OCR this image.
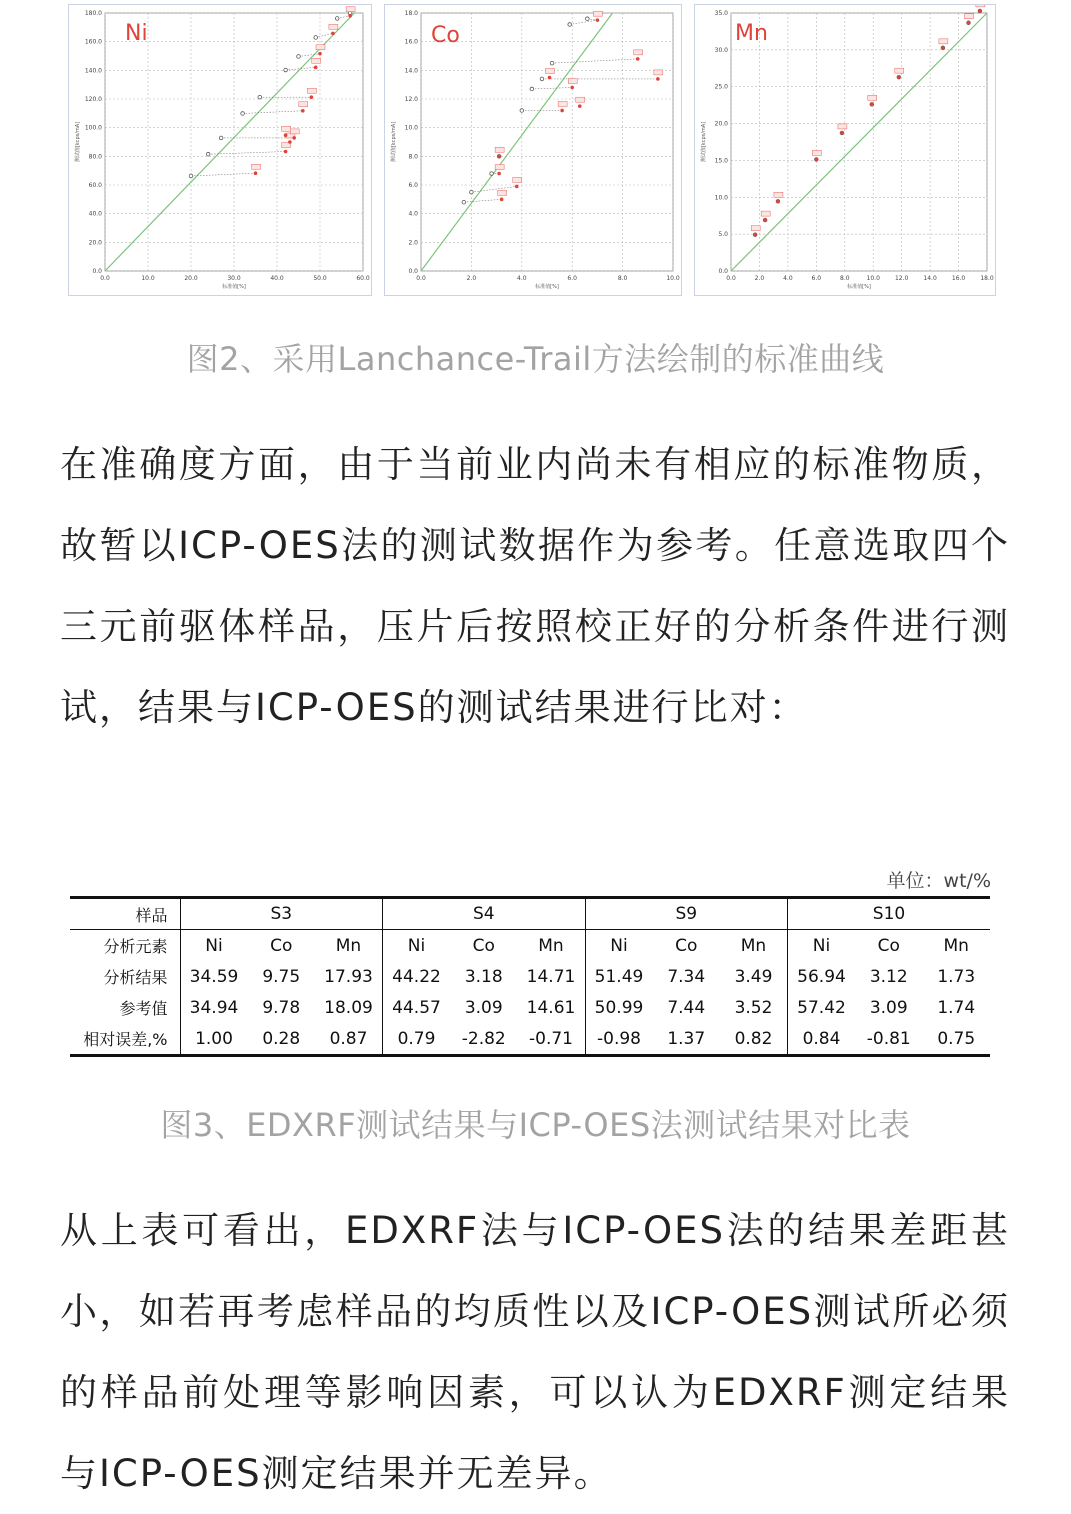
0.0
20.0
40.0
60.0
80.0
100.0
120.0
140.0
160.0
180.0
0.0	10.0	20.0	30.0	40.0	50.0	60.0
标准值[%]
测试值[kcps/mA]
Ni
0.0
2.0
4.0
6.0
8.0
10.0
12.0
14.0
16.0
18.0
0.0	2.0	4.0	6.0	8.0	10.0
标准值[%]
测试值[kcps/mA]
Co
0.0
5.0
10.0
15.0
20.0
25.0
30.0
35.0
0.0	2.0	4.0	6.0	8.0	10.0	12.0	14.0	16.0	18.0
标准值[%]
测试值[kcps/mA]
Mn
图2、采用Lanchance-Trail方法绘制的标准曲线

在准确度方面，由于当前业内尚未有相应的标准物质，故暂以ICP-OES法的测试数据作为参考。任意选取四个三元前驱体样品，压片后按照校正好的分析条件进行测试，结果与ICP-OES的测试结果进行比对：

单位：wt/%
样品	S3			S4			S9			S10		
分析元素	Ni	Co	Mn	Ni	Co	Mn	Ni	Co	Mn	Ni	Co	Mn
分析结果	34.59	9.75	17.93	44.22	3.18	14.71	51.49	7.34	3.49	56.94	3.12	1.73
参考值	34.94	9.78	18.09	44.57	3.09	14.61	50.99	7.44	3.52	57.42	3.09	1.74
相对误差,%	1.00	0.28	0.87	0.79	-2.82	-0.71	-0.98	1.37	0.82	0.84	-0.81	0.75
图3、EDXRF测试结果与ICP-OES法测试结果对比表

从上表可看出，EDXRF法与ICP-OES法的结果差距甚小，如若再考虑样品的均质性以及ICP-OES测试所必须的样品前处理等影响因素，可以认为EDXRF测定结果与ICP-OES测定结果并无差异。
